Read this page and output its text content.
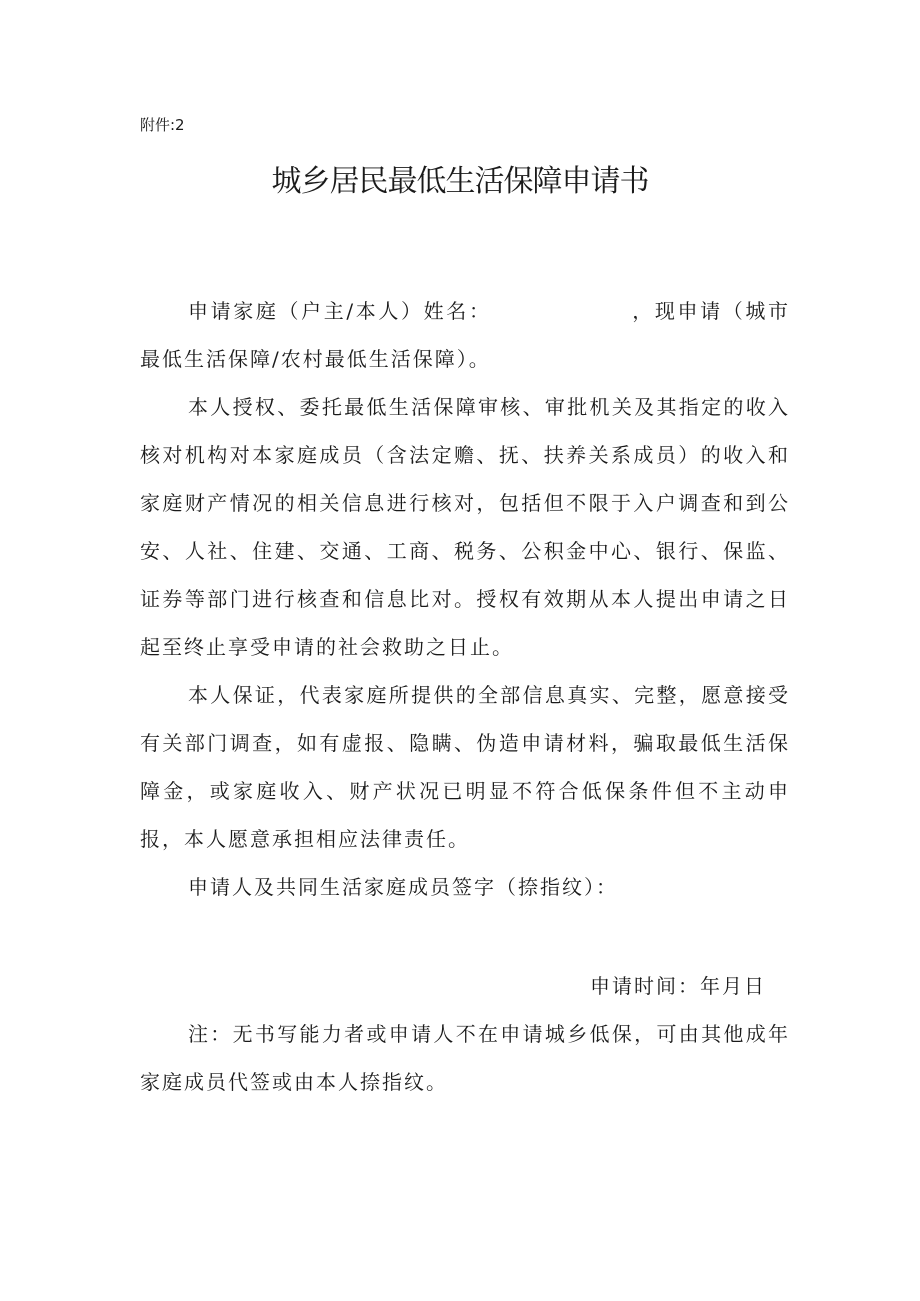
附件:2
城乡居民最低生活保障申请书

申请家庭（户主/本人）姓名：	，现申请（城市最低生活保障/农村最低生活保障）。

本人授权、委托最低生活保障审核、审批机关及其指定的收入核对机构对本家庭成员（含法定赡、抚、扶养关系成员）的收入和家庭财产情况的相关信息进行核对，包括但不限于入户调查和到公安、人社、住建、交通、工商、税务、公积金中心、银行、保监、证券等部门进行核查和信息比对。授权有效期从本人提出申请之日起至终止享受申请的社会救助之日止。

本人保证，代表家庭所提供的全部信息真实、完整，愿意接受有关部门调查，如有虚报、隐瞒、伪造申请材料，骗取最低生活保障金，或家庭收入、财产状况已明显不符合低保条件但不主动申报，本人愿意承担相应法律责任。

申请人及共同生活家庭成员签字（捺指纹）：

申请时间：年月日

注：无书写能力者或申请人不在申请城乡低保，可由其他成年家庭成员代签或由本人捺指纹。
